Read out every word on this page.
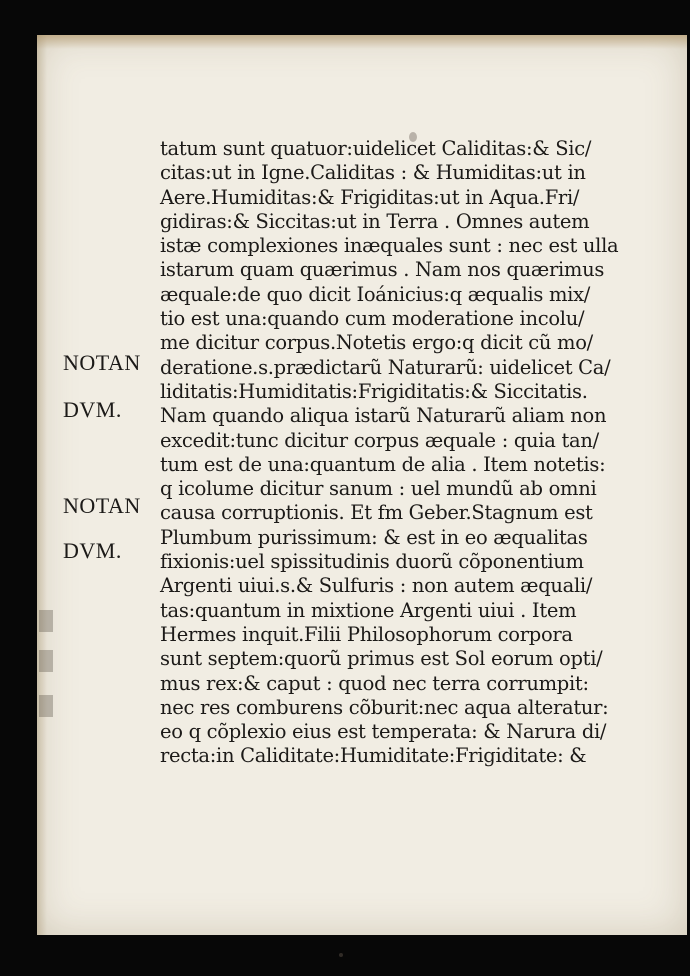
NOTAN
DVM.
NOTAN
DVM.
tatum sunt quatuor:uidelicet Caliditas:& Sic/
citas:ut in Igne.Caliditas : & Humiditas:ut in
Aere.Humiditas:& Frigiditas:ut in Aqua.Fri/
gidiras:& Siccitas:ut in Terra . Omnes autem
istæ complexiones inæquales sunt : nec est ulla
istarum quam quærimus . Nam nos quærimus
æquale:de quo dicit Ioánicius:q æqualis mix/
tio est una:quando cum moderatione incolu/
me dicitur corpus.Notetis ergo:q dicit cũ mo/
deratione.s.prædictarũ Naturarũ: uidelicet Ca/
liditatis:Humiditatis:Frigiditatis:& Siccitatis.
Nam quando aliqua istarũ Naturarũ aliam non
excedit:tunc dicitur corpus æquale : quia tan/
tum est de una:quantum de alia . Item notetis:
q icolume dicitur sanum : uel mundũ ab omni
causa corruptionis. Et fm Geber.Stagnum est
Plumbum purissimum: & est in eo æqualitas
fixionis:uel spissitudinis duorũ cõponentium
Argenti uiui.s.& Sulfuris : non autem æquali/
tas:quantum in mixtione Argenti uiui . Item
Hermes inquit.Filii Philosophorum corpora
sunt septem:quorũ primus est Sol eorum opti/
mus rex:& caput : quod nec terra corrumpit:
nec res comburens cõburit:nec aqua alteratur:
eo q cõplexio eius est temperata: & Narura di/
recta:in Caliditate:Humiditate:Frigiditate: &
